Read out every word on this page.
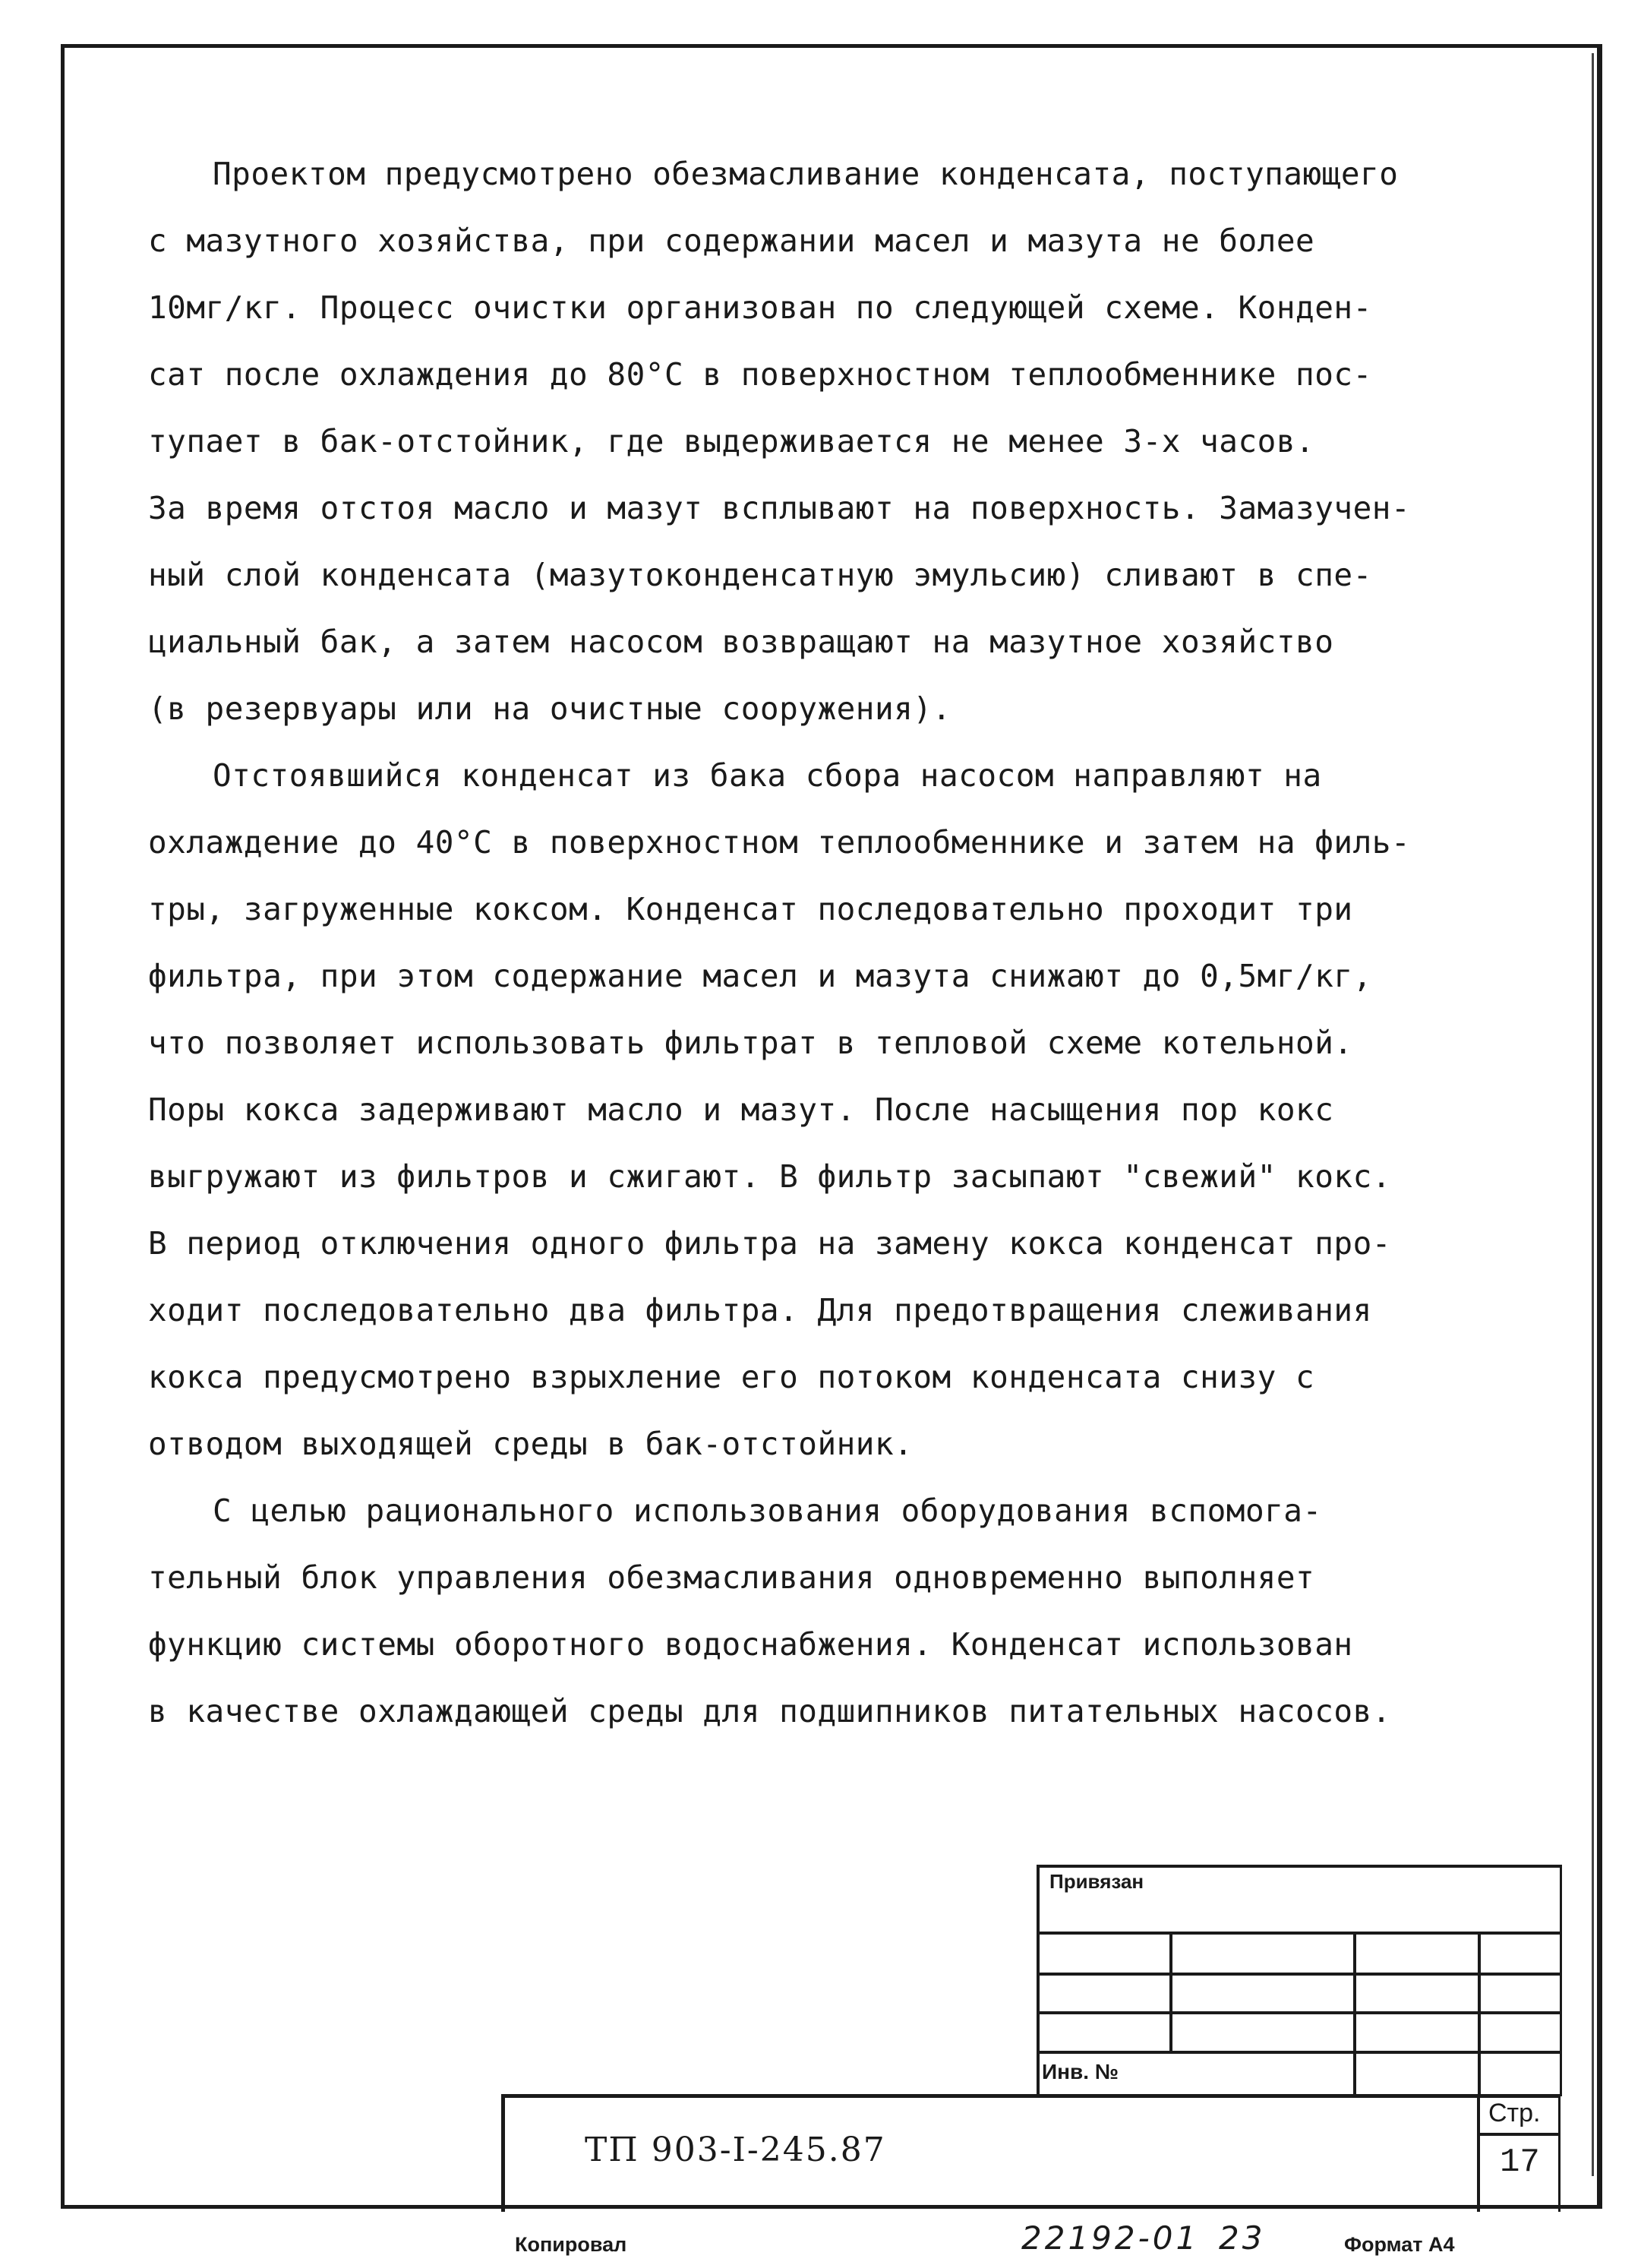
Проектом предусмотрено обезмасливание конденсата, поступающего
с мазутного хозяйства, при содержании масел и мазута не более
10мг/кг. Процесс очистки организован по следующей схеме. Конден-
сат после охлаждения до 80°С в поверхностном теплообменнике пос-
тупает в бак-отстойник, где выдерживается не менее 3-х часов.
За время отстоя масло и мазут всплывают на поверхность. Замазучен-
ный слой конденсата (мазутоконденсатную эмульсию) сливают в спе-
циальный бак, а затем насосом возвращают на мазутное хозяйство
(в резервуары или на очистные сооружения).

Отстоявшийся конденсат из бака сбора насосом направляют на
охлаждение до 40°С в поверхностном теплообменнике и затем на филь-
тры, загруженные коксом. Конденсат последовательно проходит три
фильтра, при этом содержание масел и мазута снижают до 0,5мг/кг,
что позволяет использовать фильтрат в тепловой схеме котельной.
Поры кокса задерживают масло и мазут. После насыщения пор кокс
выгружают из фильтров и сжигают. В фильтр засыпают "свежий" кокс.
В период отключения одного фильтра на замену кокса конденсат про-
ходит последовательно два фильтра. Для предотвращения слеживания
кокса предусмотрено взрыхление его потоком конденсата снизу с
отводом выходящей среды в бак-отстойник.

С целью рационального использования оборудования вспомога-
тельный блок управления обезмасливания одновременно выполняет
функцию системы оборотного водоснабжения. Конденсат использован
в качестве охлаждающей среды для подшипников питательных насосов.

Привязан
Инв. №
ТП 903-I-245.87
Стр.
17
Копировал	22192-01 23	Формат А4
